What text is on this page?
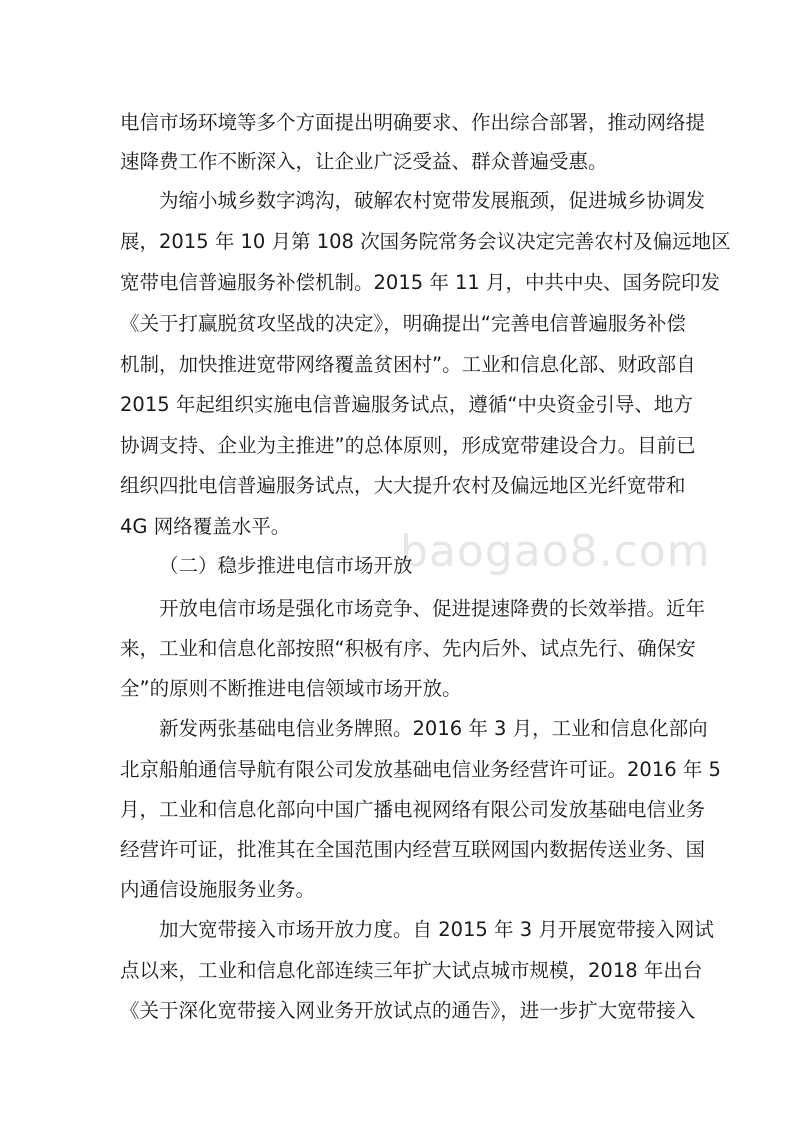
baogao8.com
电信市场环境等多个方面提出明确要求、作出综合部署，推动网络提
速降费工作不断深入，让企业广泛受益、群众普遍受惠。
为缩小城乡数字鸿沟，破解农村宽带发展瓶颈，促进城乡协调发
展，2015 年 10 月第 108 次国务院常务会议决定完善农村及偏远地区
宽带电信普遍服务补偿机制。2015 年 11 月，中共中央、国务院印发
《关于打赢脱贫攻坚战的决定》，明确提出“完善电信普遍服务补偿
机制，加快推进宽带网络覆盖贫困村”。工业和信息化部、财政部自
2015 年起组织实施电信普遍服务试点，遵循“中央资金引导、地方
协调支持、企业为主推进”的总体原则，形成宽带建设合力。目前已
组织四批电信普遍服务试点，大大提升农村及偏远地区光纤宽带和
4G 网络覆盖水平。
（二）稳步推进电信市场开放
开放电信市场是强化市场竞争、促进提速降费的长效举措。近年
来，工业和信息化部按照“积极有序、先内后外、试点先行、确保安
全”的原则不断推进电信领域市场开放。
新发两张基础电信业务牌照。2016 年 3 月，工业和信息化部向
北京船舶通信导航有限公司发放基础电信业务经营许可证。2016 年 5
月，工业和信息化部向中国广播电视网络有限公司发放基础电信业务
经营许可证，批准其在全国范围内经营互联网国内数据传送业务、国
内通信设施服务业务。
加大宽带接入市场开放力度。自 2015 年 3 月开展宽带接入网试
点以来，工业和信息化部连续三年扩大试点城市规模，2018 年出台
《关于深化宽带接入网业务开放试点的通告》，进一步扩大宽带接入
